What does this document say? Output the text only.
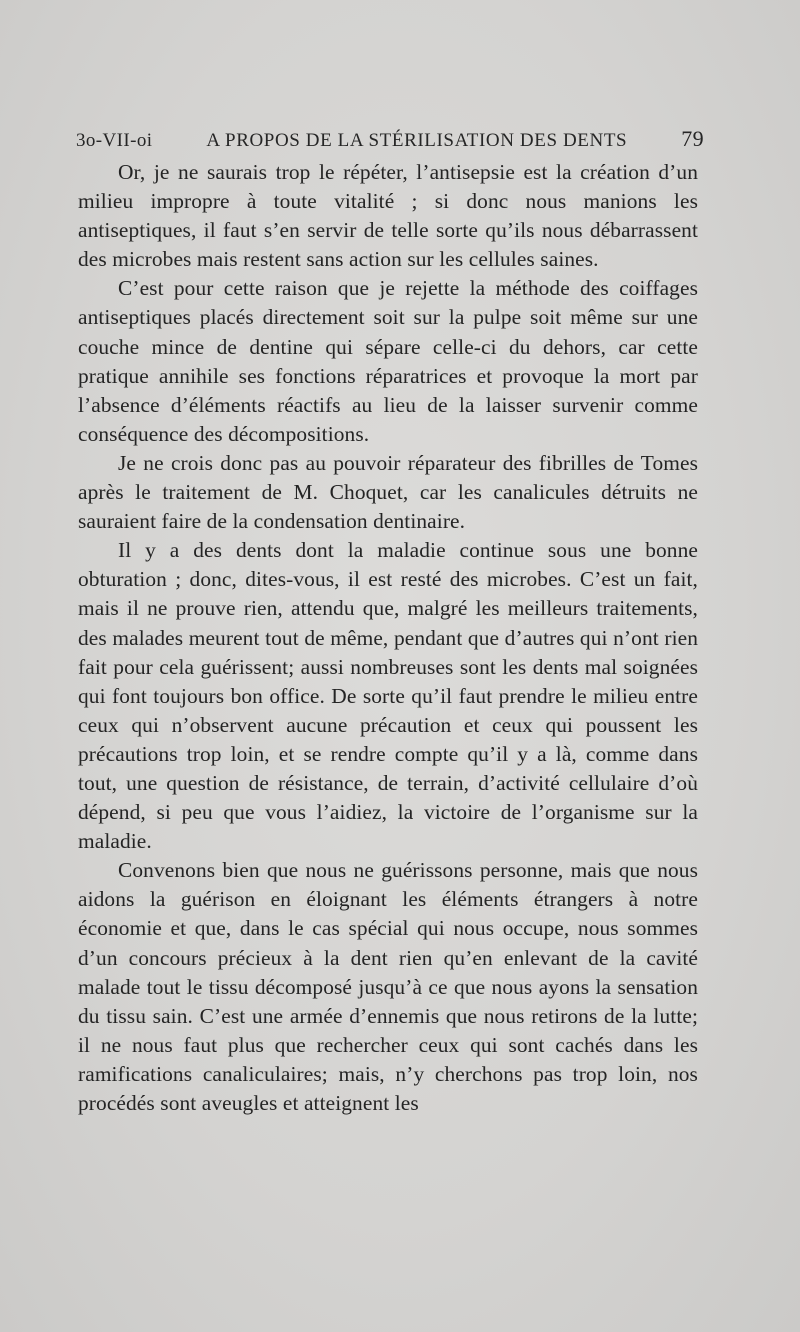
3o-VII-oi	A PROPOS DE LA STÉRILISATION DES DENTS	79

Or, je ne saurais trop le répéter, l’antisepsie est la création d’un milieu impropre à toute vitalité ; si donc nous manions les antiseptiques, il faut s’en servir de telle sorte qu’ils nous débarrassent des microbes mais restent sans action sur les cellules saines.

C’est pour cette raison que je rejette la méthode des coiffages antiseptiques placés directement soit sur la pulpe soit même sur une couche mince de dentine qui sépare celle-ci du dehors, car cette pratique annihile ses fonctions réparatrices et provoque la mort par l’absence d’éléments réactifs au lieu de la laisser survenir comme conséquence des décompositions.

Je ne crois donc pas au pouvoir réparateur des fibrilles de Tomes après le traitement de M. Choquet, car les canalicules détruits ne sauraient faire de la condensation dentinaire.

Il y a des dents dont la maladie continue sous une bonne obturation ; donc, dites-vous, il est resté des microbes. C’est un fait, mais il ne prouve rien, attendu que, malgré les meilleurs traitements, des malades meurent tout de même, pendant que d’autres qui n’ont rien fait pour cela guérissent; aussi nombreuses sont les dents mal soignées qui font toujours bon office. De sorte qu’il faut prendre le milieu entre ceux qui n’observent aucune précaution et ceux qui poussent les précautions trop loin, et se rendre compte qu’il y a là, comme dans tout, une question de résistance, de terrain, d’activité cellulaire d’où dépend, si peu que vous l’aidiez, la victoire de l’organisme sur la maladie.

Convenons bien que nous ne guérissons personne, mais que nous aidons la guérison en éloignant les éléments étrangers à notre économie et que, dans le cas spécial qui nous occupe, nous sommes d’un concours précieux à la dent rien qu’en enlevant de la cavité malade tout le tissu décomposé jusqu’à ce que nous ayons la sensation du tissu sain. C’est une armée d’ennemis que nous retirons de la lutte; il ne nous faut plus que rechercher ceux qui sont cachés dans les ramifications canaliculaires; mais, n’y cherchons pas trop loin, nos procédés sont aveugles et atteignent les
